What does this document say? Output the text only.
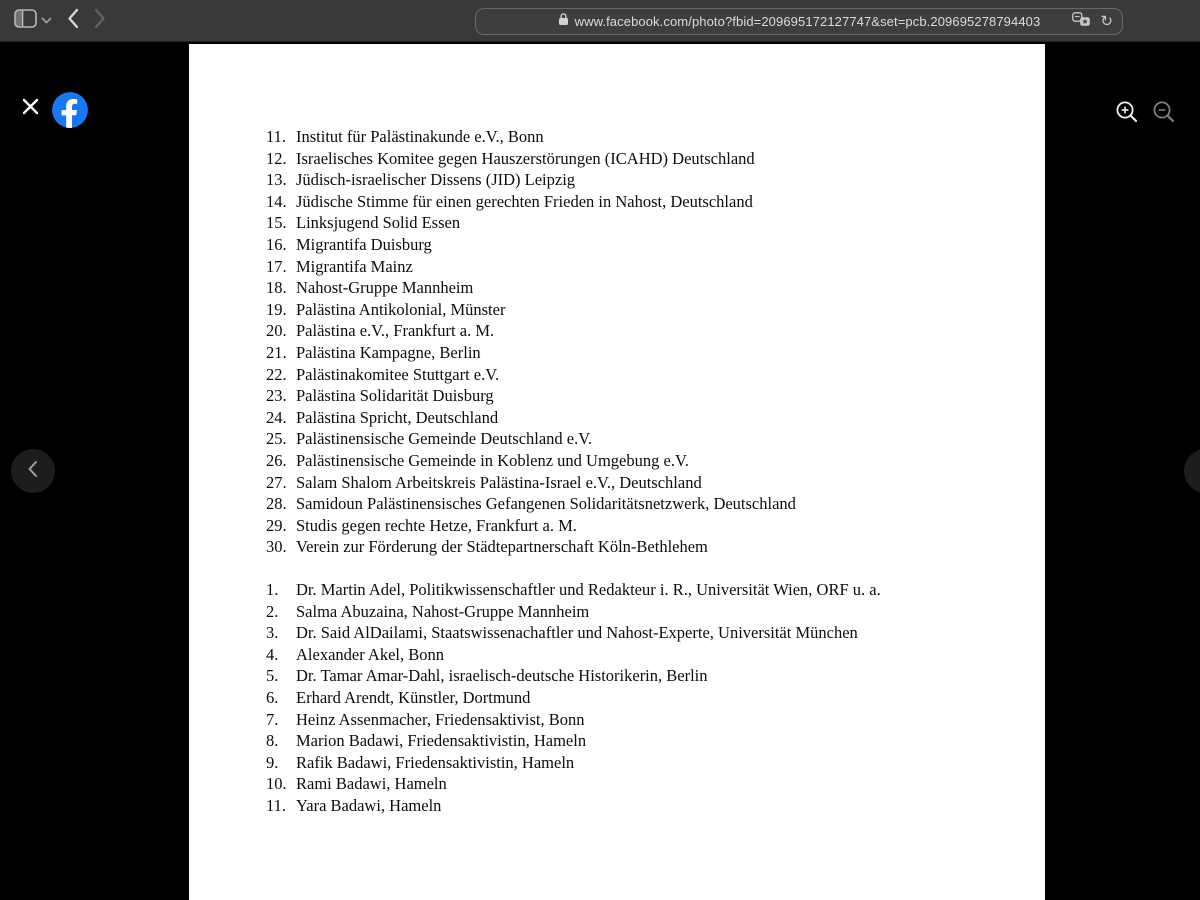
www.facebook.com/photo?fbid=209695172127747&set=pcb.209695278794403	★ ↻
11. Institut für Palästinakunde e.V., Bonn
12. Israelisches Komitee gegen Hauszerstörungen (ICAHD) Deutschland
13. Jüdisch-israelischer Dissens (JID) Leipzig
14. Jüdische Stimme für einen gerechten Frieden in Nahost, Deutschland
15. Linksjugend Solid Essen
16. Migrantifa Duisburg
17. Migrantifa Mainz
18. Nahost-Gruppe Mannheim
19. Palästina Antikolonial, Münster
20. Palästina e.V., Frankfurt a. M.
21. Palästina Kampagne, Berlin
22. Palästinakomitee Stuttgart e.V.
23. Palästina Solidarität Duisburg
24. Palästina Spricht, Deutschland
25. Palästinensische Gemeinde Deutschland e.V.
26. Palästinensische Gemeinde in Koblenz und Umgebung e.V.
27. Salam Shalom Arbeitskreis Palästina-Israel e.V., Deutschland
28. Samidoun Palästinensisches Gefangenen Solidaritätsnetzwerk, Deutschland
29. Studis gegen rechte Hetze, Frankfurt a. M.
30. Verein zur Förderung der Städtepartnerschaft Köln-Bethlehem
1.	Dr. Martin Adel, Politikwissenschaftler und Redakteur i. R., Universität Wien, ORF u. a.
2.	Salma Abuzaina, Nahost-Gruppe Mannheim
3.	Dr. Said AlDailami, Staatswissenachaftler und Nahost-Experte, Universität München
4.	Alexander Akel, Bonn
5.	Dr. Tamar Amar-Dahl, israelisch-deutsche Historikerin, Berlin
6.	Erhard Arendt, Künstler, Dortmund
7.	Heinz Assenmacher, Friedensaktivist, Bonn
8.	Marion Badawi, Friedensaktivistin, Hameln
9.	Rafik Badawi, Friedensaktivistin, Hameln
10. Rami Badawi, Hameln
11. Yara Badawi, Hameln
